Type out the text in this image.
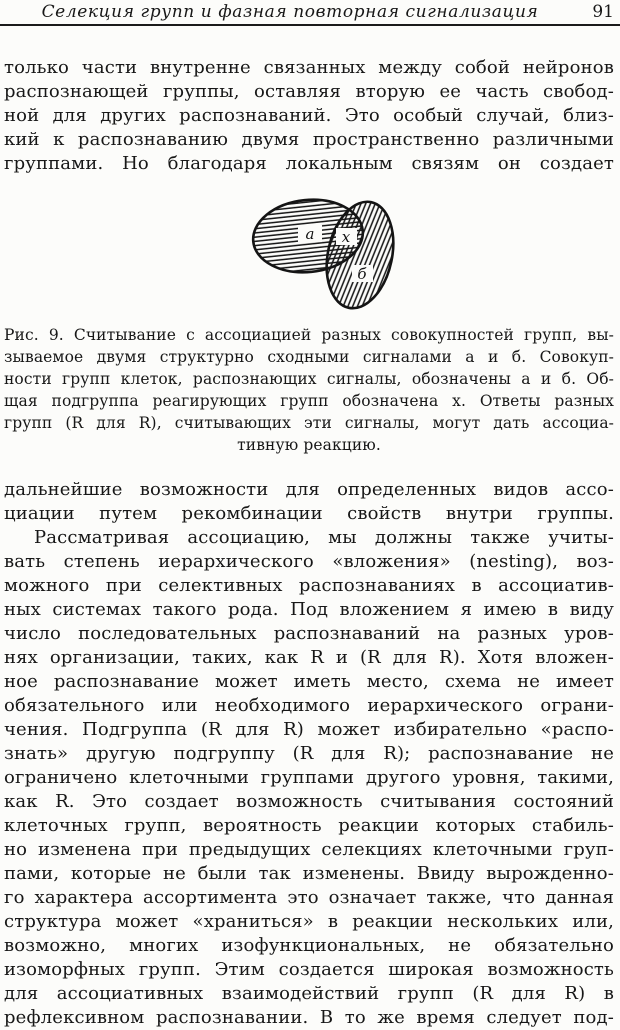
Селекция групп и фазная повторная сигнализация	91
только части внутренне связанных между собой нейронов
распознающей группы, оставляя вторую ее часть свобод-
ной для других распознаваний. Это особый случай, близ-
кий к распознаванию двумя пространственно различными
группами. Но благодаря локальным связям он создает
а x
б
Рис. 9. Считывание с ассоциацией разных совокупностей групп, вы-
зываемое двумя структурно сходными сигналами а и б. Совокуп-
ности групп клеток, распознающих сигналы, обозначены а и б. Об-
щая подгруппа реагирующих групп обозначена x. Ответы разных
групп (R для R), считывающих эти сигналы, могут дать ассоциа-
тивную реакцию.
дальнейшие возможности для определенных видов ассо-
циации путем рекомбинации свойств внутри группы.
Рассматривая ассоциацию, мы должны также учиты-
вать степень иерархического «вложения» (nesting), воз-
можного при селективных распознаваниях в ассоциатив-
ных системах такого рода. Под вложением я имею в виду
число последовательных распознаваний на разных уров-
нях организации, таких, как R и (R для R). Хотя вложен-
ное распознавание может иметь место, схема не имеет
обязательного или необходимого иерархического ограни-
чения. Подгруппа (R для R) может избирательно «распо-
знать» другую подгруппу (R для R); распознавание не
ограничено клеточными группами другого уровня, такими,
как R. Это создает возможность считывания состояний
клеточных групп, вероятность реакции которых стабиль-
но изменена при предыдущих селекциях клеточными груп-
пами, которые не были так изменены. Ввиду вырожденно-
го характера ассортимента это означает также, что данная
структура может «храниться» в реакции нескольких или,
возможно, многих изофункциональных, не обязательно
изоморфных групп. Этим создается широкая возможность
для ассоциативных взаимодействий групп (R для R) в
рефлексивном распознавании. В то же время следует под-
